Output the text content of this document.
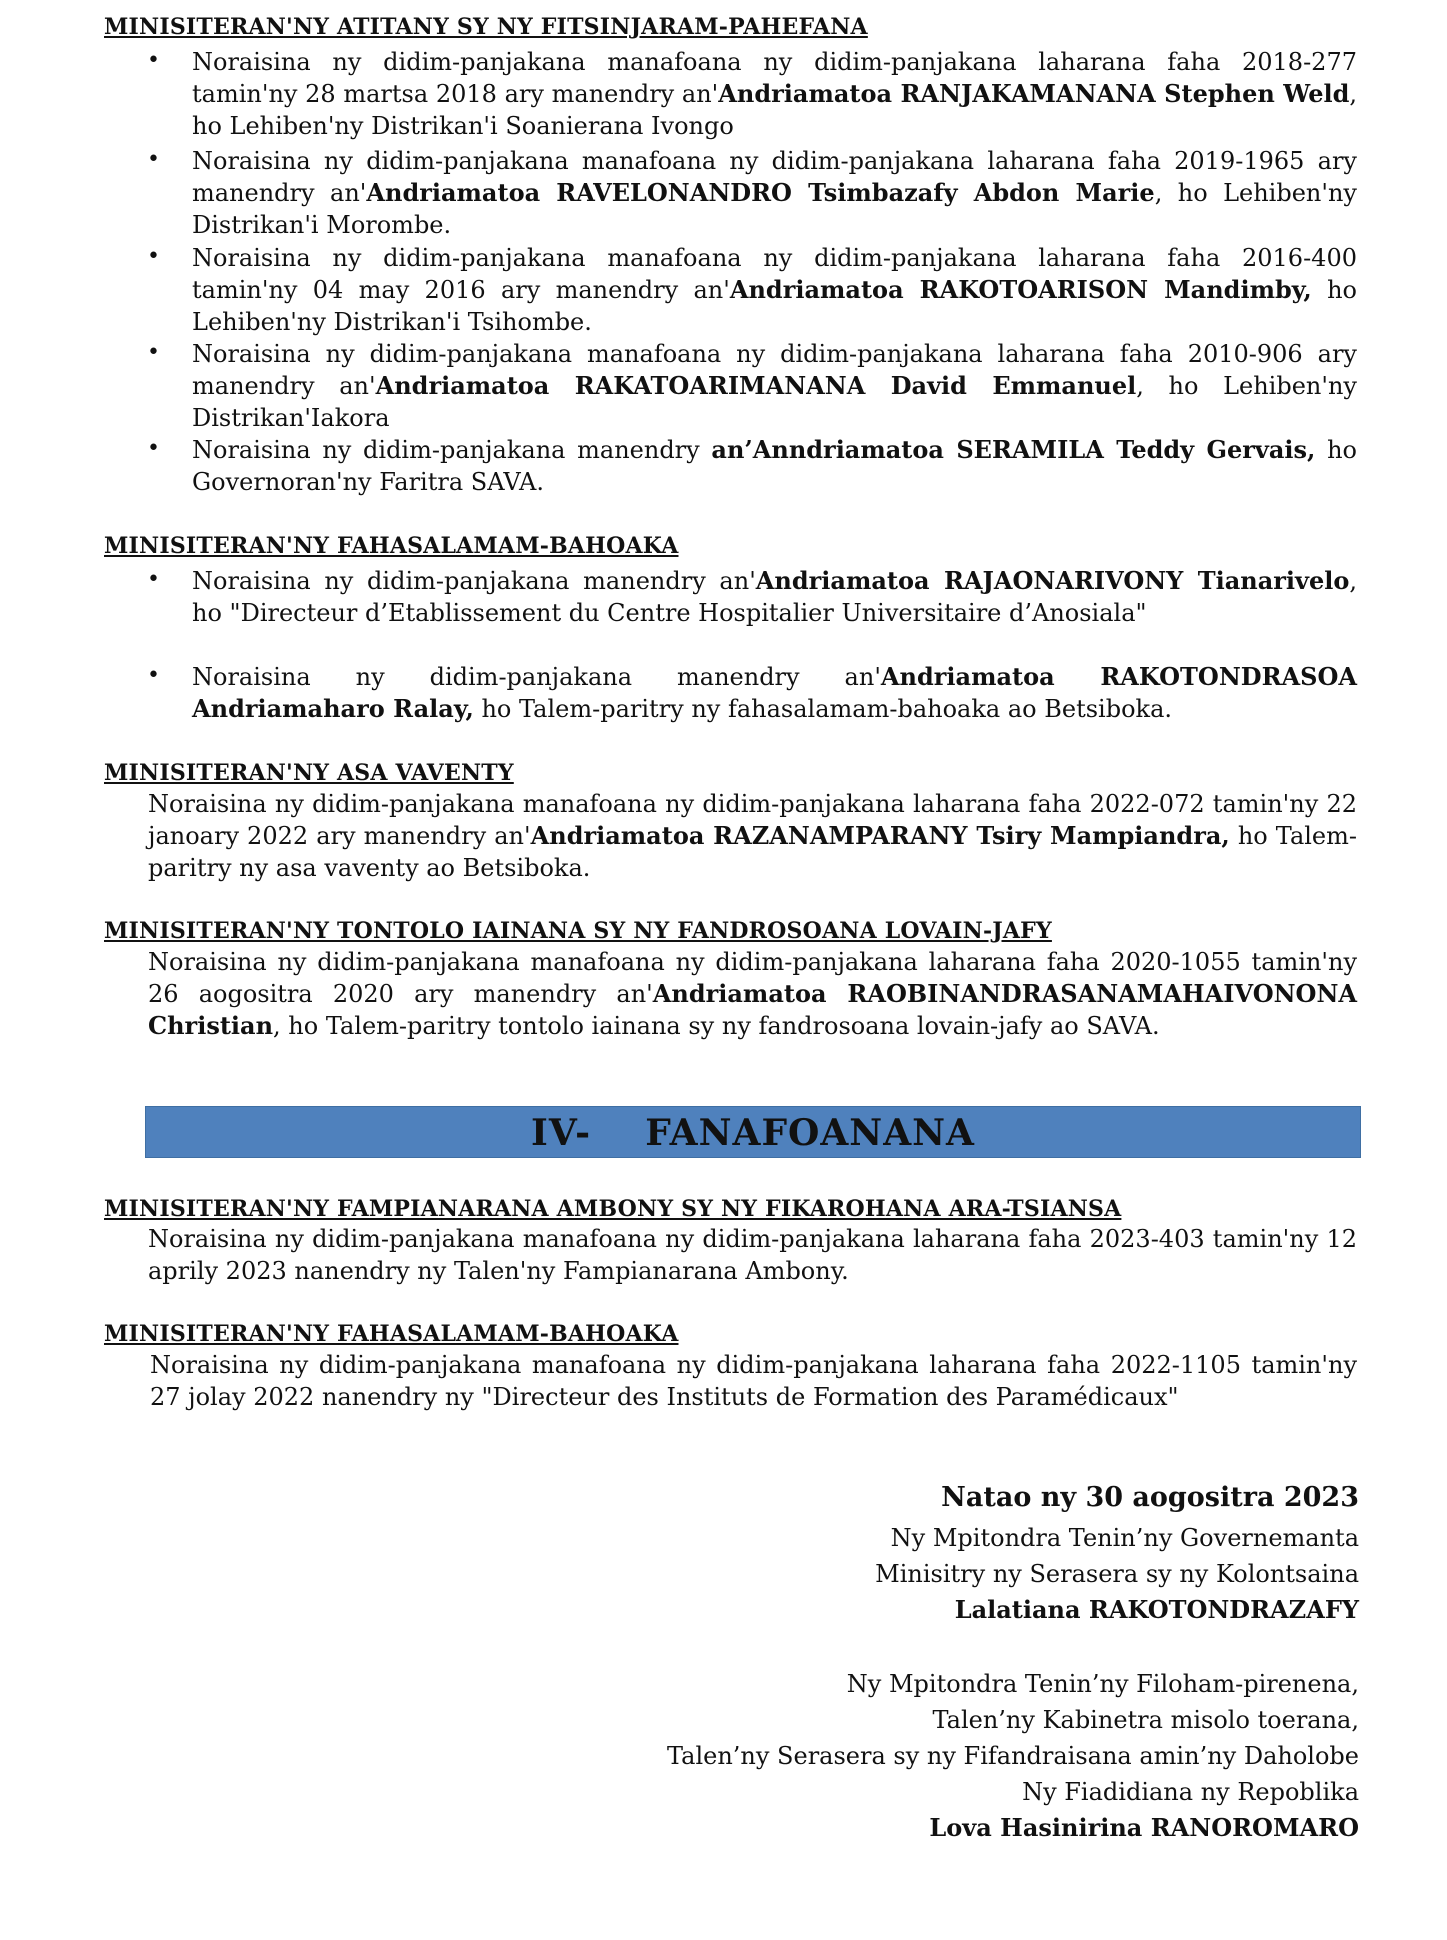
MINISITERAN'NY ATITANY SY NY FITSINJARAM-PAHEFANA
• Noraisina ny didim-panjakana manafoana ny didim-panjakana laharana faha 2018-277 tamin'ny 28 martsa 2018 ary manendry an'Andriamatoa RANJAKAMANANA Stephen Weld, ho Lehiben'ny Distrikan'i Soanierana Ivongo
• Noraisina ny didim-panjakana manafoana ny didim-panjakana laharana faha 2019-1965 ary manendry an'Andriamatoa RAVELONANDRO Tsimbazafy Abdon Marie, ho Lehiben'ny Distrikan'i Morombe.
• Noraisina ny didim-panjakana manafoana ny didim-panjakana laharana faha 2016-400 tamin'ny 04 may 2016 ary manendry an'Andriamatoa RAKOTOARISON Mandimby, ho Lehiben'ny Distrikan'i Tsihombe.
• Noraisina ny didim-panjakana manafoana ny didim-panjakana laharana faha 2010-906 ary manendry an'Andriamatoa RAKATOARIMANANA David Emmanuel, ho Lehiben'ny Distrikan'Iakora
• Noraisina ny didim-panjakana manendry an’Anndriamatoa SERAMILA Teddy Gervais, ho Governoran'ny Faritra SAVA.
MINISITERAN'NY FAHASALAMAM-BAHOAKA
• Noraisina ny didim-panjakana manendry an'Andriamatoa RAJAONARIVONY Tianarivelo, ho "Directeur d’Etablissement du Centre Hospitalier Universitaire d’Anosiala"
• Noraisina ny didim-panjakana manendry an'Andriamatoa RAKOTONDRASOA Andriamaharo Ralay, ho Talem-paritry ny fahasalamam-bahoaka ao Betsiboka.
MINISITERAN'NY ASA VAVENTY
Noraisina ny didim-panjakana manafoana ny didim-panjakana laharana faha 2022-072 tamin'ny 22 janoary 2022 ary manendry an'Andriamatoa RAZANAMPARANY Tsiry Mampiandra, ho Talem-paritry ny asa vaventy ao Betsiboka.
MINISITERAN'NY TONTOLO IAINANA SY NY FANDROSOANA LOVAIN-JAFY
Noraisina ny didim-panjakana manafoana ny didim-panjakana laharana faha 2020-1055 tamin'ny 26 aogositra 2020 ary manendry an'Andriamatoa RAOBINANDRASANAMAHAIVONONA Christian, ho Talem-paritry tontolo iainana sy ny fandrosoana lovain-jafy ao SAVA.
IV-    FANAFOANANA
MINISITERAN'NY FAMPIANARANA AMBONY SY NY FIKAROHANA ARA-TSIANSA
Noraisina ny didim-panjakana manafoana ny didim-panjakana laharana faha 2023-403 tamin'ny 12 aprily 2023 nanendry ny Talen'ny Fampianarana Ambony.
MINISITERAN'NY FAHASALAMAM-BAHOAKA
Noraisina ny didim-panjakana manafoana ny didim-panjakana laharana faha 2022-1105 tamin'ny 27 jolay 2022 nanendry ny "Directeur des Instituts de Formation des Paramédicaux"
Natao ny 30 aogositra 2023
Ny Mpitondra Tenin’ny Governemanta
Minisitry ny Serasera sy ny Kolontsaina
Lalatiana RAKOTONDRAZAFY
Ny Mpitondra Tenin’ny Filoham-pirenena,
Talen’ny Kabinetra misolo toerana,
Talen’ny Serasera sy ny Fifandraisana amin’ny Daholobe
Ny Fiadidiana ny Repoblika
Lova Hasinirina RANOROMARO
